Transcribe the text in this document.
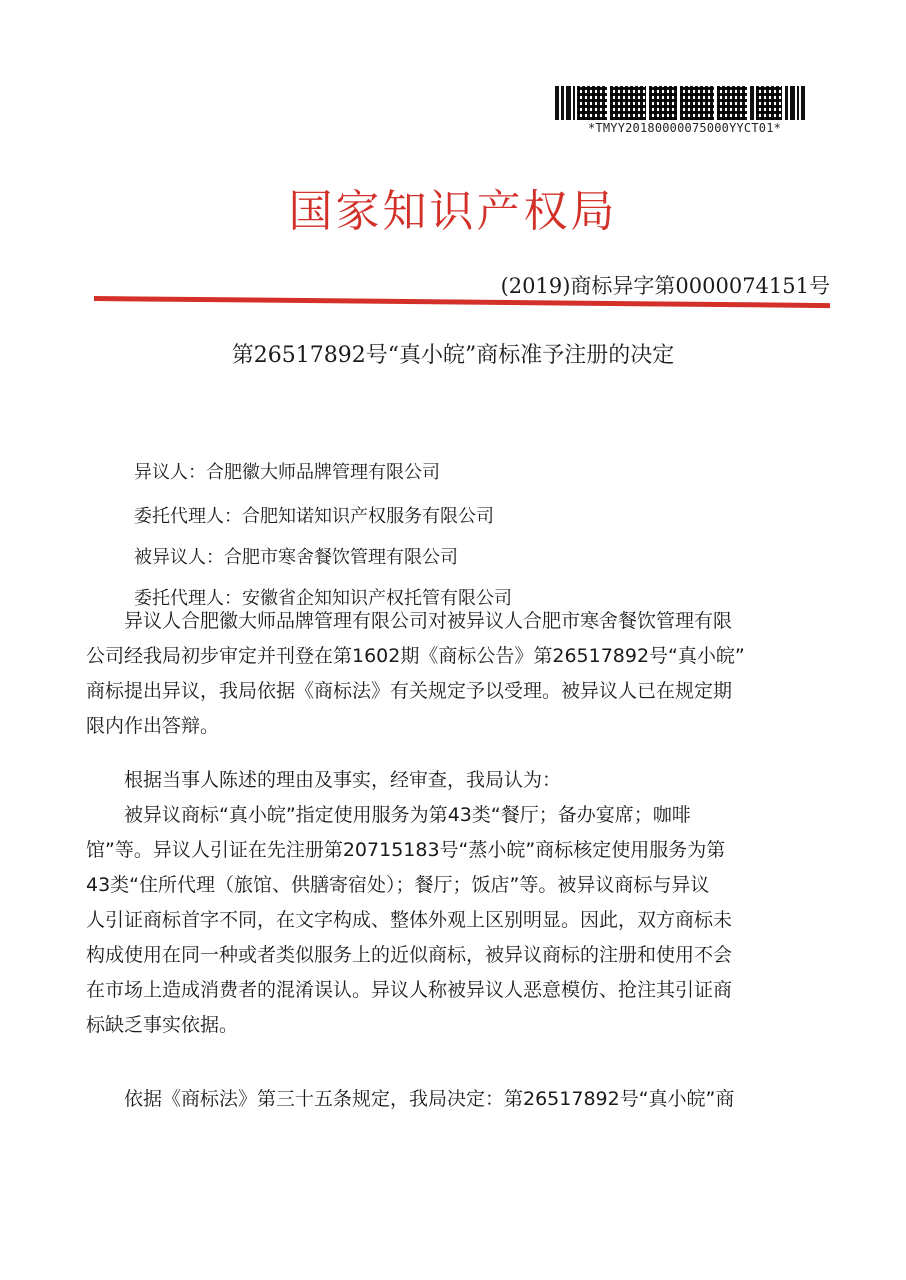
*TMYY20180000075000YYCT01*
国家知识产权局
(2019)商标异字第0000074151号
第26517892号“真小皖”商标准予注册的决定
异议人：合肥徽大师品牌管理有限公司
委托代理人：合肥知诺知识产权服务有限公司
被异议人：合肥市寒舍餐饮管理有限公司
委托代理人：安徽省企知知识产权托管有限公司
异议人合肥徽大师品牌管理有限公司对被异议人合肥市寒舍餐饮管理有限
公司经我局初步审定并刊登在第1602期《商标公告》第26517892号“真小皖”
商标提出异议，我局依据《商标法》有关规定予以受理。被异议人已在规定期
限内作出答辩。
根据当事人陈述的理由及事实，经审查，我局认为：
被异议商标“真小皖”指定使用服务为第43类“餐厅；备办宴席；咖啡
馆”等。异议人引证在先注册第20715183号“蒸小皖”商标核定使用服务为第
43类“住所代理（旅馆、供膳寄宿处）；餐厅；饭店”等。被异议商标与异议
人引证商标首字不同，在文字构成、整体外观上区别明显。因此，双方商标未
构成使用在同一种或者类似服务上的近似商标，被异议商标的注册和使用不会
在市场上造成消费者的混淆误认。异议人称被异议人恶意模仿、抢注其引证商
标缺乏事实依据。
依据《商标法》第三十五条规定，我局决定：第26517892号“真小皖”商
